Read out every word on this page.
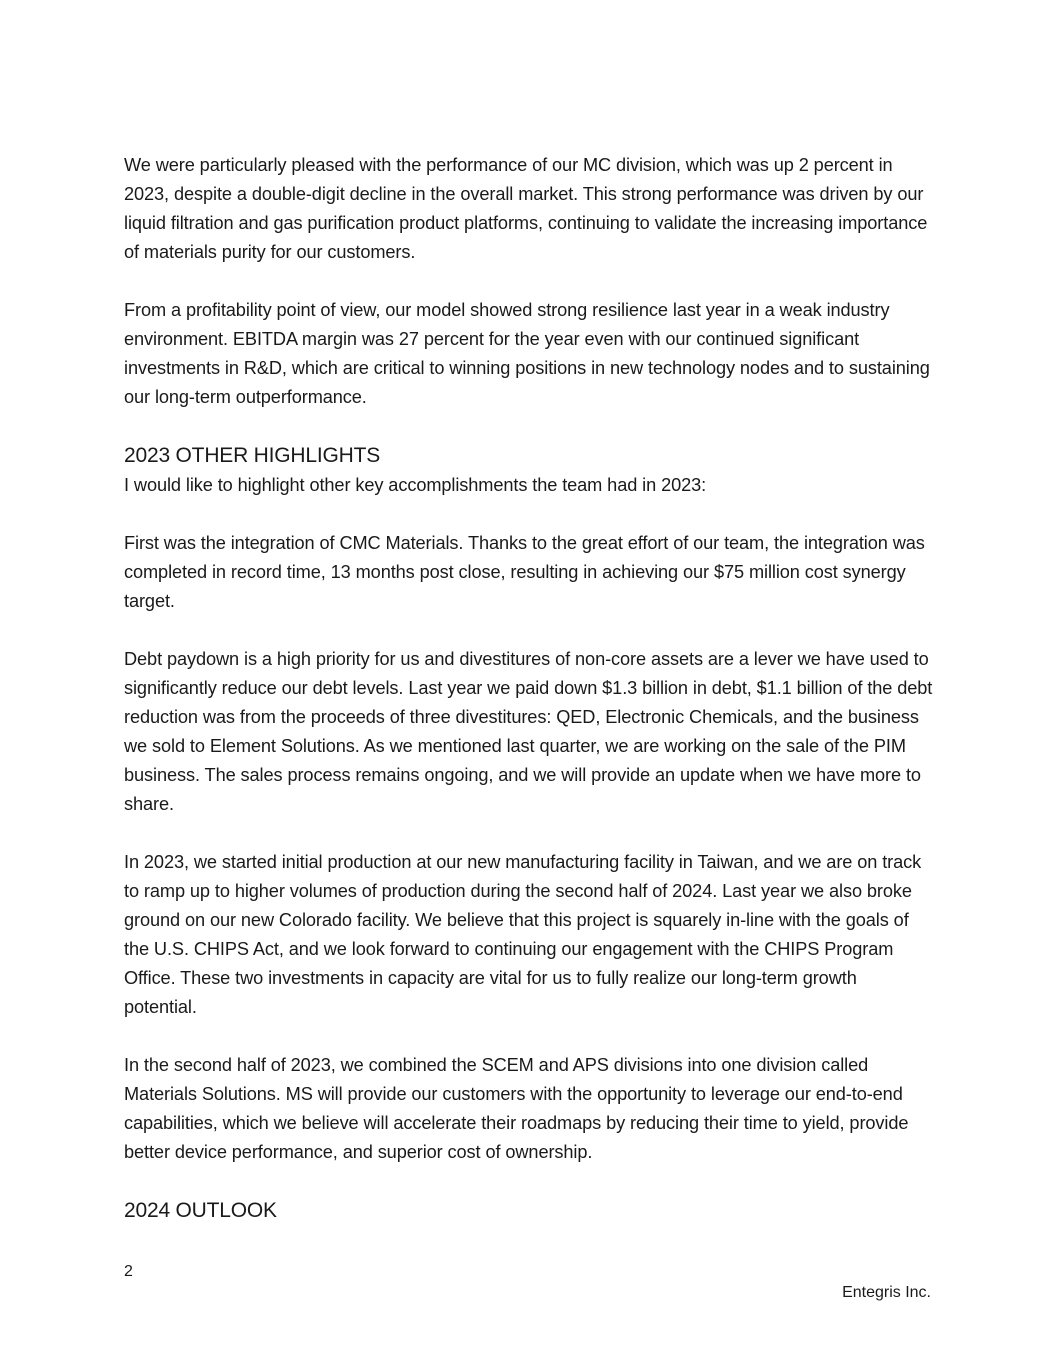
We were particularly pleased with the performance of our MC division, which was up 2 percent in 2023, despite a double-digit decline in the overall market. This strong performance was driven by our liquid filtration and gas purification product platforms, continuing to validate the increasing importance of materials purity for our customers.

From a profitability point of view, our model showed strong resilience last year in a weak industry environment. EBITDA margin was 27 percent for the year even with our continued significant investments in R&D, which are critical to winning positions in new technology nodes and to sustaining our long-term outperformance.

2023 OTHER HIGHLIGHTS

I would like to highlight other key accomplishments the team had in 2023:

First was the integration of CMC Materials. Thanks to the great effort of our team, the integration was completed in record time, 13 months post close, resulting in achieving our $75 million cost synergy target.

Debt paydown is a high priority for us and divestitures of non-core assets are a lever we have used to significantly reduce our debt levels. Last year we paid down $1.3 billion in debt, $1.1 billion of the debt reduction was from the proceeds of three divestitures: QED, Electronic Chemicals, and the business we sold to Element Solutions. As we mentioned last quarter, we are working on the sale of the PIM business. The sales process remains ongoing, and we will provide an update when we have more to share.

In 2023, we started initial production at our new manufacturing facility in Taiwan, and we are on track to ramp up to higher volumes of production during the second half of 2024. Last year we also broke ground on our new Colorado facility. We believe that this project is squarely in-line with the goals of the U.S. CHIPS Act, and we look forward to continuing our engagement with the CHIPS Program Office. These two investments in capacity are vital for us to fully realize our long-term growth potential.

In the second half of 2023, we combined the SCEM and APS divisions into one division called Materials Solutions. MS will provide our customers with the opportunity to leverage our end-to-end capabilities, which we believe will accelerate their roadmaps by reducing their time to yield, provide better device performance, and superior cost of ownership.

2024 OUTLOOK
2
Entegris Inc.
